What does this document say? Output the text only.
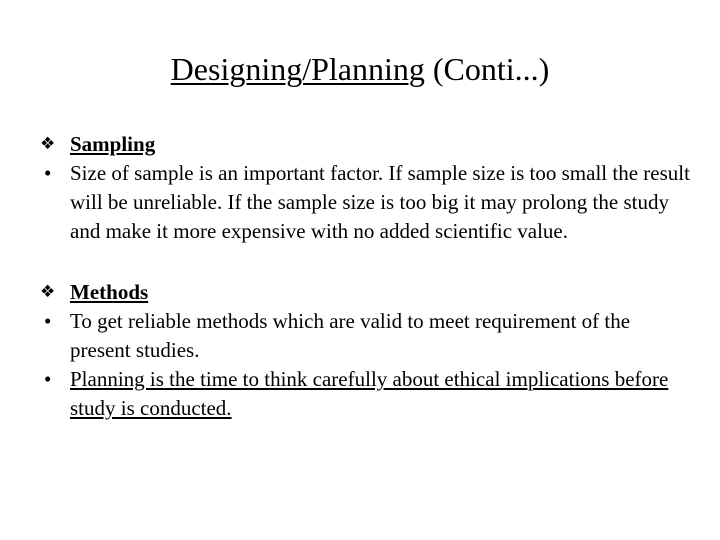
Designing/Planning (Conti...)
❖ Sampling
• Size of sample is an important factor. If sample size is too small the result will be unreliable. If the sample size is too big it may prolong the study and make it more expensive with no added scientific value.
❖ Methods
• To get reliable methods which are valid to meet requirement of the present studies.
• Planning is the time to think carefully about ethical implications before study is conducted.
